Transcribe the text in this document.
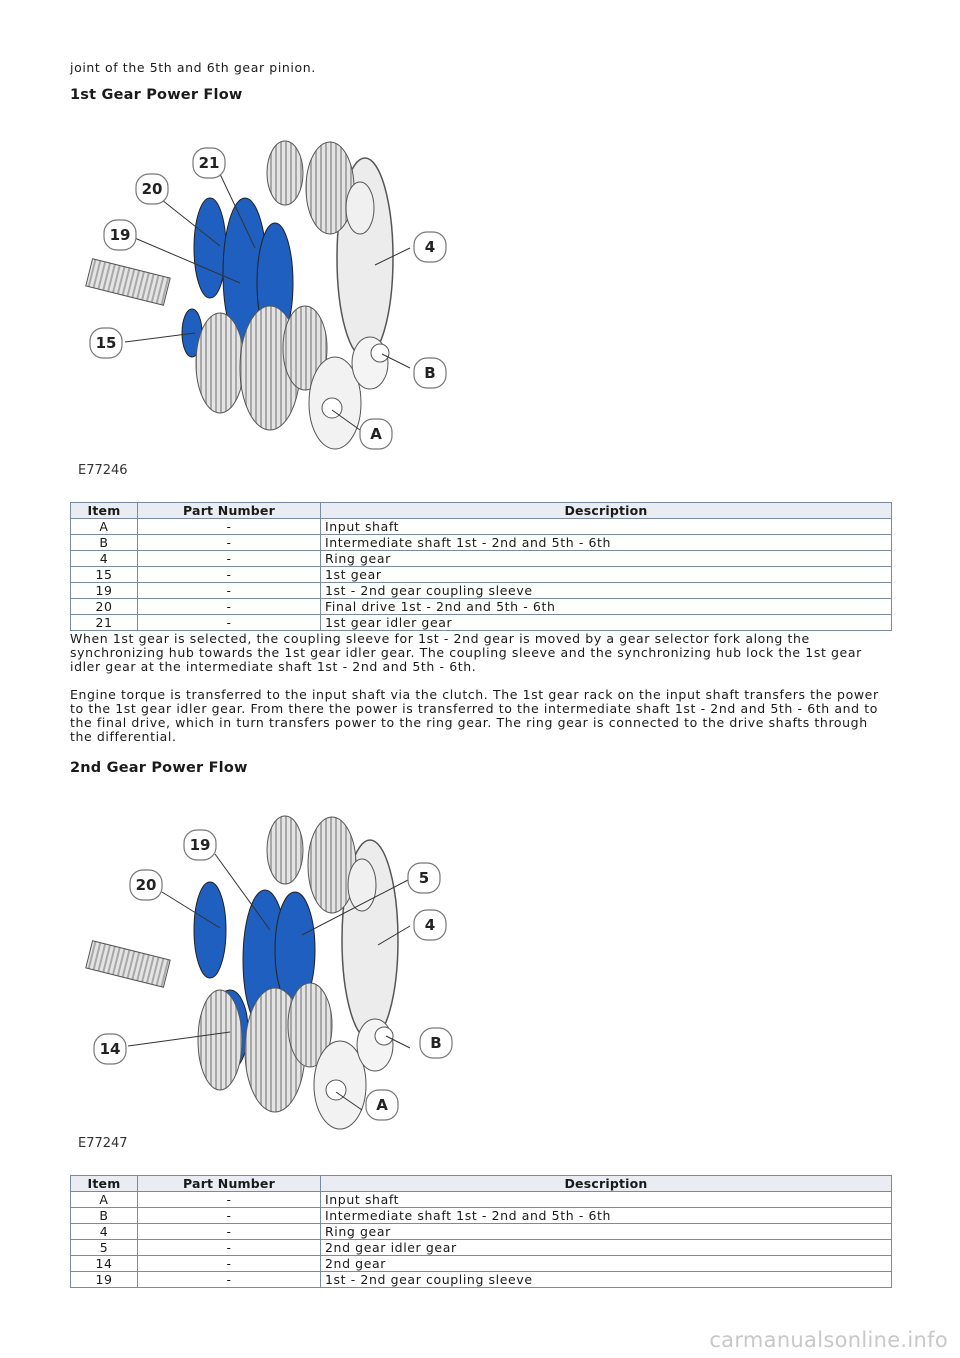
joint of the 5th and 6th gear pinion.

1st Gear Power Flow
21
20
19
4
15
B
A
E77246
Item	Part Number	Description
A	-	Input shaft
B	-	Intermediate shaft 1st - 2nd and 5th - 6th
4	-	Ring gear
15	-	1st gear
19	-	1st - 2nd gear coupling sleeve
20	-	Final drive 1st - 2nd and 5th - 6th
21	-	1st gear idler gear

When 1st gear is selected, the coupling sleeve for 1st - 2nd gear is moved by a gear selector fork along the synchronizing hub towards the 1st gear idler gear. The coupling sleeve and the synchronizing hub lock the 1st gear idler gear at the intermediate shaft 1st - 2nd and 5th - 6th.

Engine torque is transferred to the input shaft via the clutch. The 1st gear rack on the input shaft transfers the power to the 1st gear idler gear. From there the power is transferred to the intermediate shaft 1st - 2nd and 5th - 6th and to the final drive, which in turn transfers power to the ring gear. The ring gear is connected to the drive shafts through the differential.

2nd Gear Power Flow
19
20	5
4
14	B
A
E77247
Item	Part Number	Description
A	-	Input shaft
B	-	Intermediate shaft 1st - 2nd and 5th - 6th
4	-	Ring gear
5	-	2nd gear idler gear
14	-	2nd gear
19	-	1st - 2nd gear coupling sleeve
carmanualsonline.info
